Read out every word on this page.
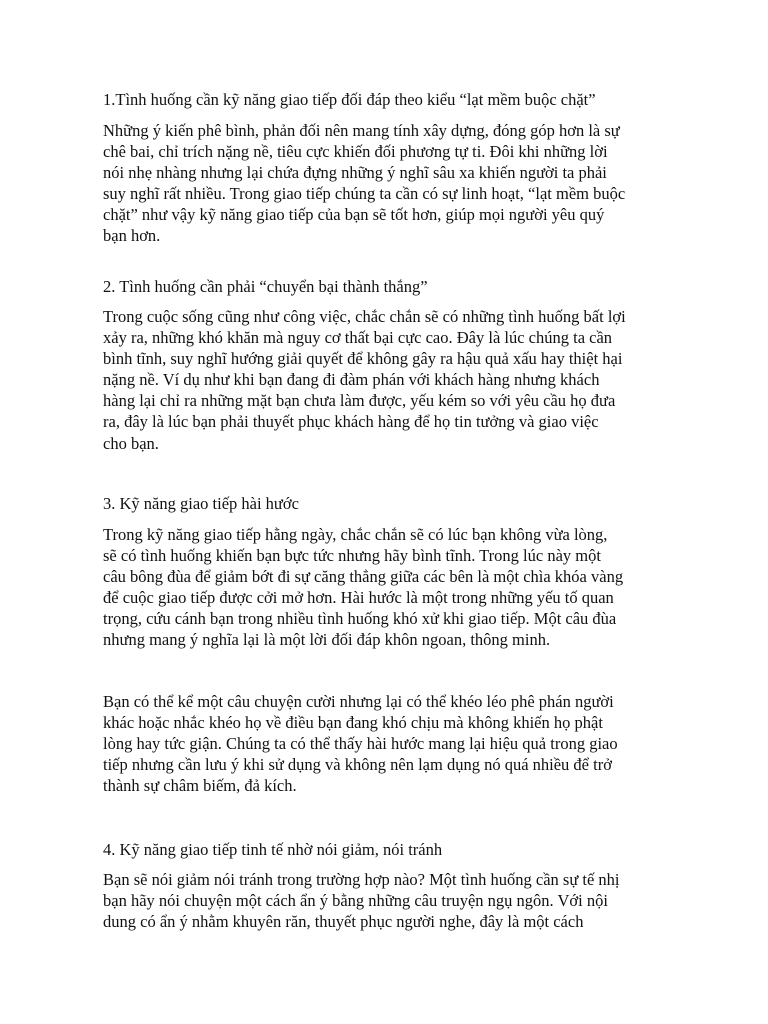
1.Tình huống cần kỹ năng giao tiếp đối đáp theo kiểu “lạt mềm buộc chặt”

Những ý kiến phê bình, phản đối nên mang tính xây dựng, đóng góp hơn là sự
chê bai, chỉ trích nặng nề, tiêu cực khiến đối phương tự ti. Đôi khi những lời
nói nhẹ nhàng nhưng lại chứa đựng những ý nghĩ sâu xa khiến người ta phải
suy nghĩ rất nhiều. Trong giao tiếp chúng ta cần có sự linh hoạt, “lạt mềm buộc
chặt” như vậy kỹ năng giao tiếp của bạn sẽ tốt hơn, giúp mọi người yêu quý
bạn hơn.

2. Tình huống cần phải “chuyển bại thành thắng”

Trong cuộc sống cũng như công việc, chắc chắn sẽ có những tình huống bất lợi
xảy ra, những khó khăn mà nguy cơ thất bại cực cao. Đây là lúc chúng ta cần
bình tĩnh, suy nghĩ hướng giải quyết để không gây ra hậu quả xấu hay thiệt hại
nặng nề. Ví dụ như khi bạn đang đi đàm phán với khách hàng nhưng khách
hàng lại chỉ ra những mặt bạn chưa làm được, yếu kém so với yêu cầu họ đưa
ra, đây là lúc bạn phải thuyết phục khách hàng để họ tin tưởng và giao việc
cho bạn.

3. Kỹ năng giao tiếp hài hước

Trong kỹ năng giao tiếp hằng ngày, chắc chắn sẽ có lúc bạn không vừa lòng,
sẽ có tình huống khiến bạn bực tức nhưng hãy bình tĩnh. Trong lúc này một
câu bông đùa để giảm bớt đi sự căng thẳng giữa các bên là một chìa khóa vàng
để cuộc giao tiếp được cởi mở hơn. Hài hước là một trong những yếu tố quan
trọng, cứu cánh bạn trong nhiều tình huống khó xử khi giao tiếp. Một câu đùa
nhưng mang ý nghĩa lại là một lời đối đáp khôn ngoan, thông minh.

Bạn có thể kể một câu chuyện cười nhưng lại có thể khéo léo phê phán người
khác hoặc nhắc khéo họ về điều bạn đang khó chịu mà không khiến họ phật
lòng hay tức giận. Chúng ta có thể thấy hài hước mang lại hiệu quả trong giao
tiếp nhưng cần lưu ý khi sử dụng và không nên lạm dụng nó quá nhiều để trở
thành sự châm biếm, đả kích.

4. Kỹ năng giao tiếp tinh tế nhờ nói giảm, nói tránh

Bạn sẽ nói giảm nói tránh trong trường hợp nào? Một tình huống cần sự tế nhị
bạn hãy nói chuyện một cách ẩn ý bằng những câu truyện ngụ ngôn. Với nội
dung có ẩn ý nhằm khuyên răn, thuyết phục người nghe, đây là một cách
